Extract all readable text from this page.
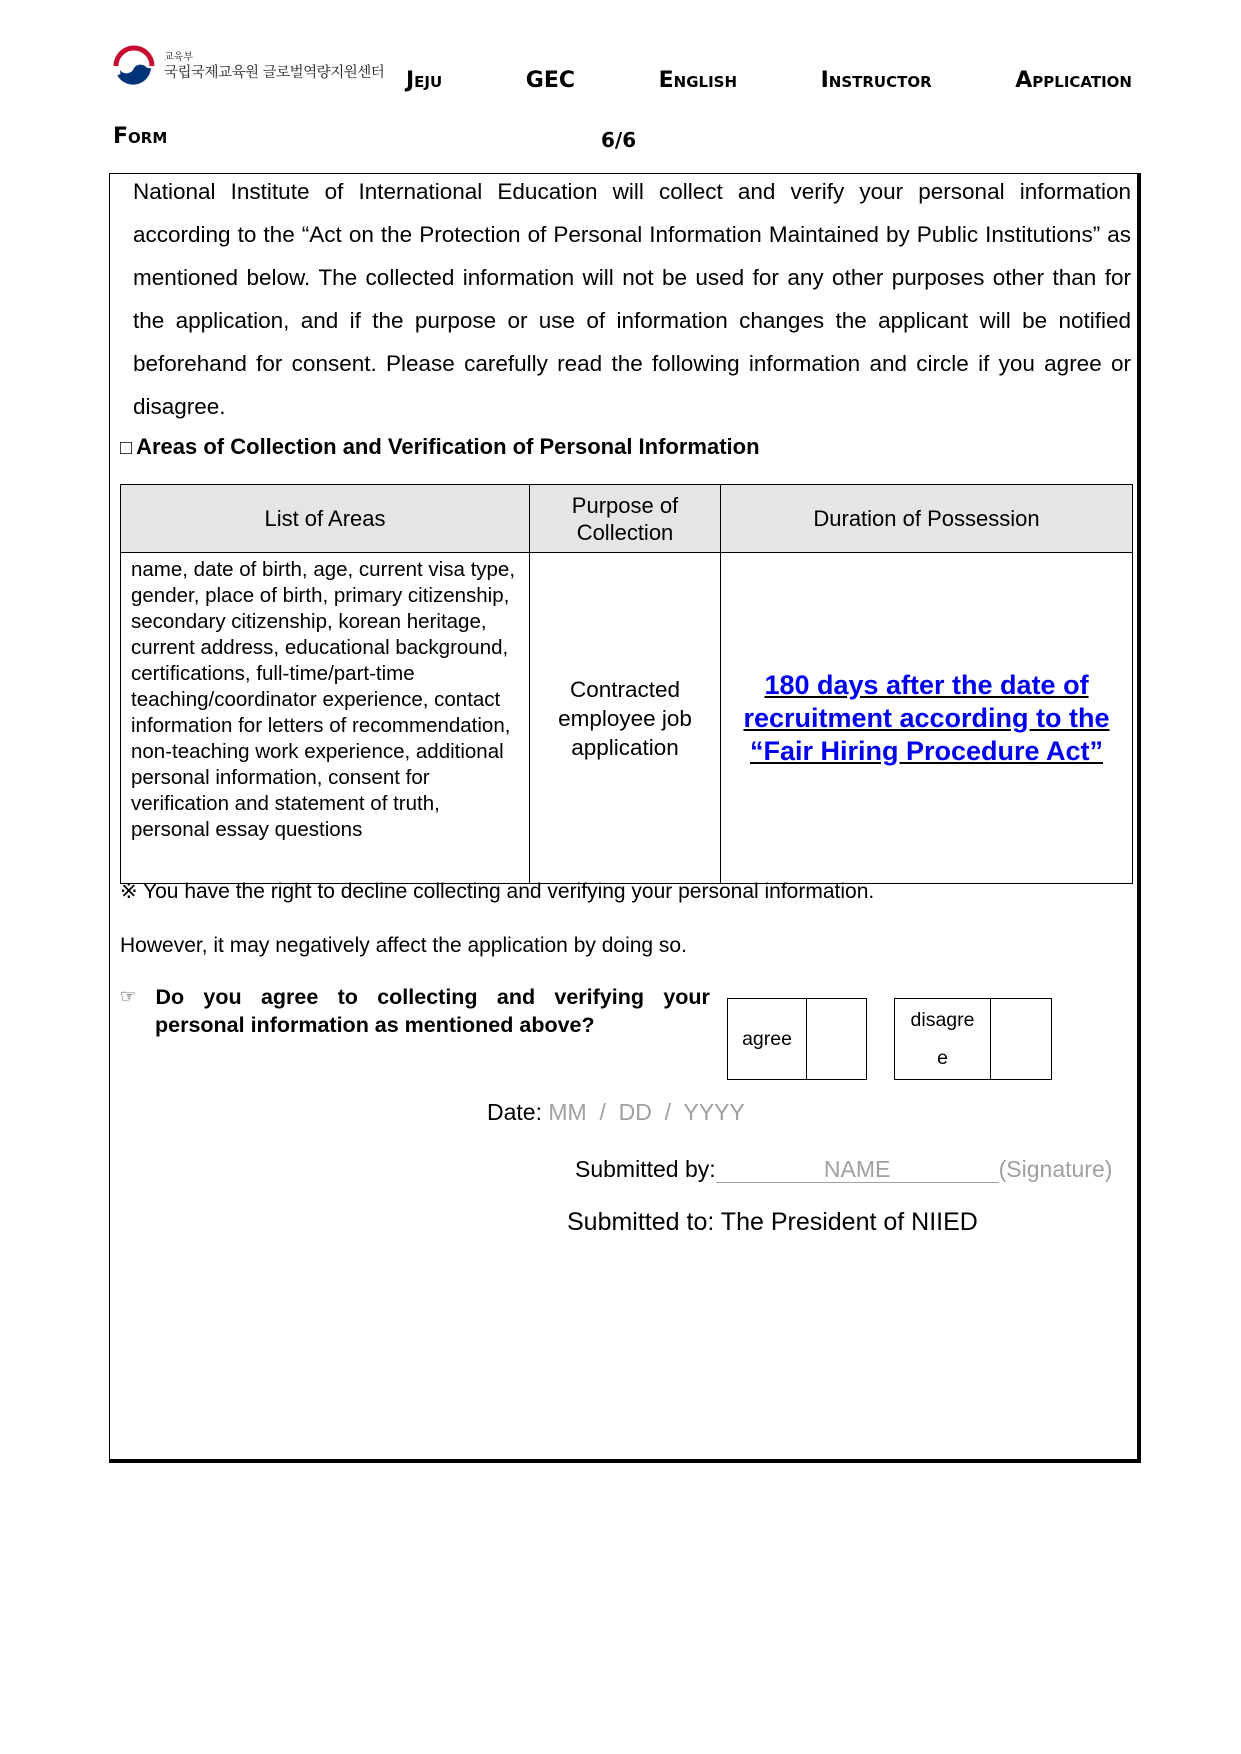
교육부
국립국제교육원 글로벌역량지원센터 Jeju	GEC	English	Instructor	Application
Form	6/6
National Institute of International Education will collect and verify your personal information according to the “Act on the Protection of Personal Information Maintained by Public Institutions” as mentioned below. The collected information will not be used for any other purposes other than for the application, and if the purpose or use of information changes the applicant will be notified beforehand for consent. Please carefully read the following information and circle if you agree or disagree.
□ Areas of Collection and Verification of Personal Information
List of Areas	Purpose of Collection	Duration of Possession
name, date of birth, age, current visa type, gender, place of birth, primary citizenship, secondary citizenship, korean heritage, current address, educational background, certifications, full-time/part-time teaching/coordinator experience, contact information for letters of recommendation, non-teaching work experience, additional personal information, consent for verification and statement of truth, personal essay questions	Contracted employee job application	180 days after the date of recruitment according to the “Fair Hiring Procedure Act”
※ You have the right to decline collecting and verifying your personal information.
However, it may negatively affect the application by doing so.
☞ Do you agree to collecting and verifying your
personal information as mentioned above?
agree
disagre
e
Date: MM  /  DD  /  YYYY
Submitted by:	NAME	(Signature)
Submitted to: The President of NIIED
